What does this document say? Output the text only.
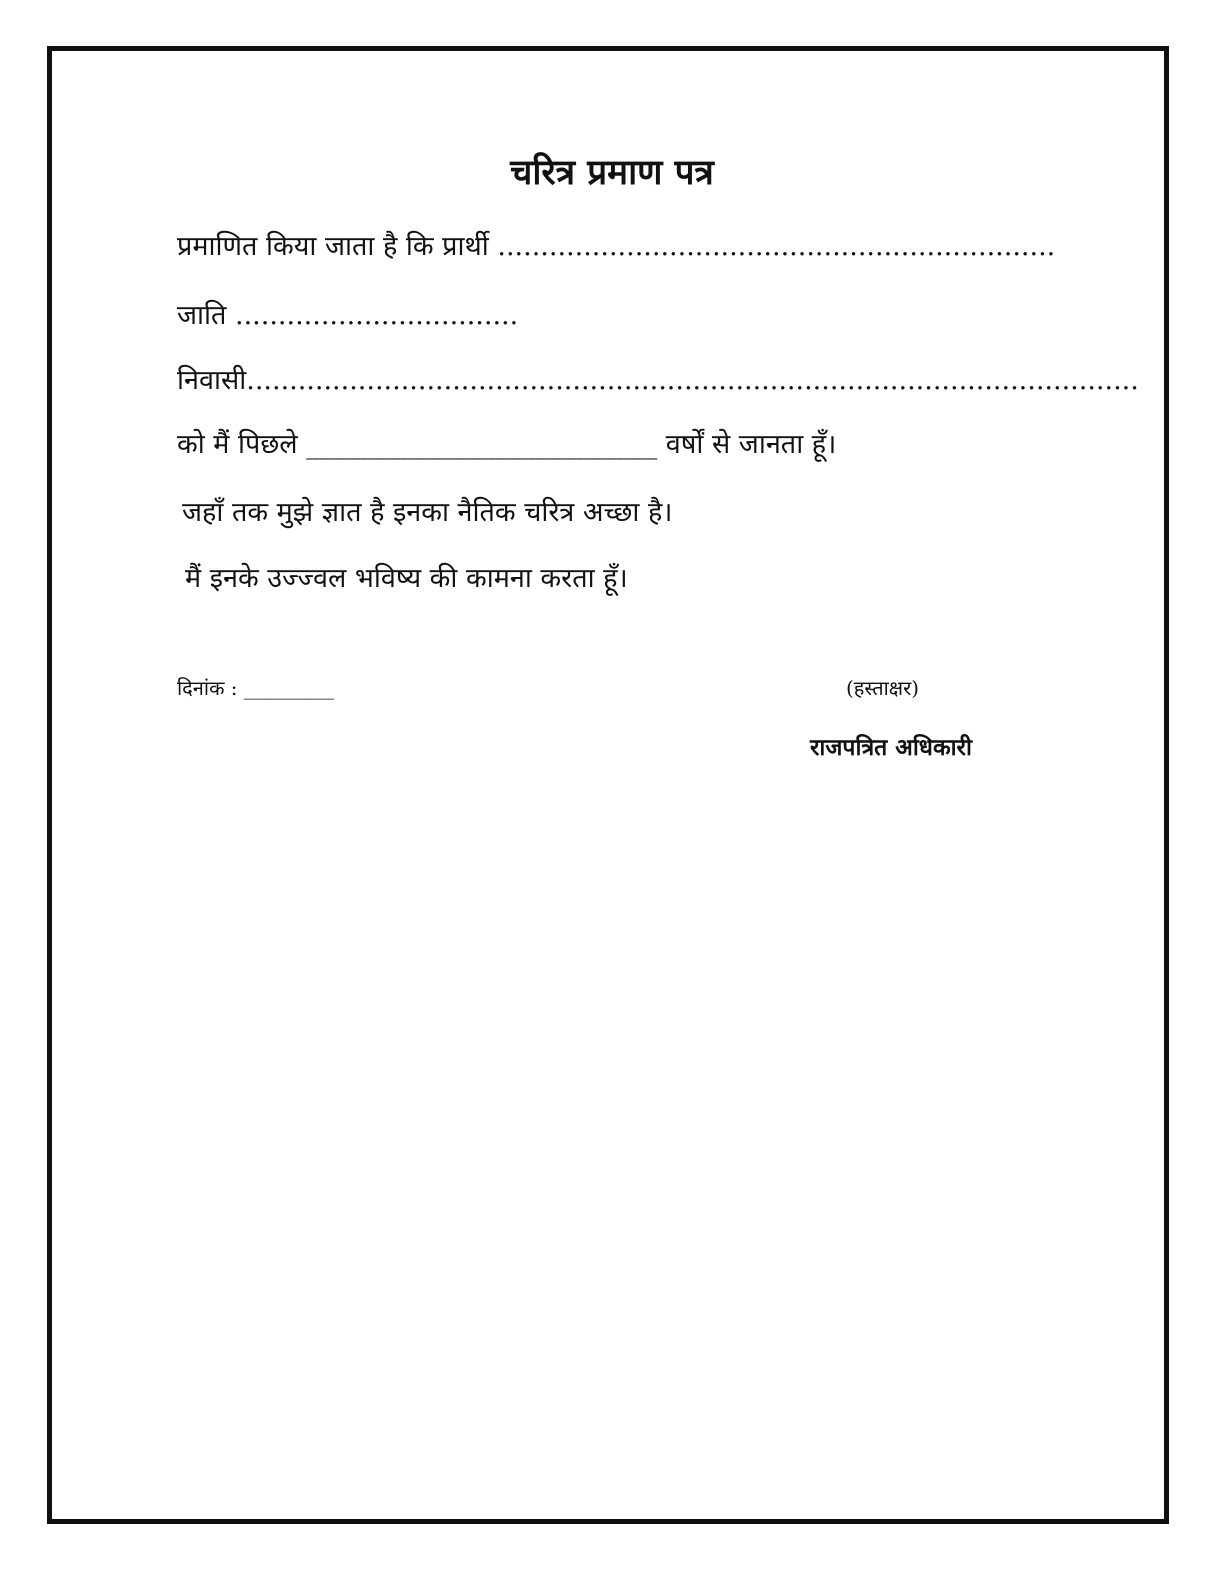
चरित्र प्रमाण पत्र
प्रमाणित किया जाता है कि प्रार्थी .................................................................
जाति .................................
निवासी........................................................................................................
को मैं पिछले __________________________ वर्षों से जानता हूँ।
जहाँ तक मुझे ज्ञात है इनका नैतिक चरित्र अच्छा है।
मैं इनके उज्ज्वल भविष्य की कामना करता हूँ।
दिनांक : _________	(हस्ताक्षर)
राजपत्रित अधिकारी
